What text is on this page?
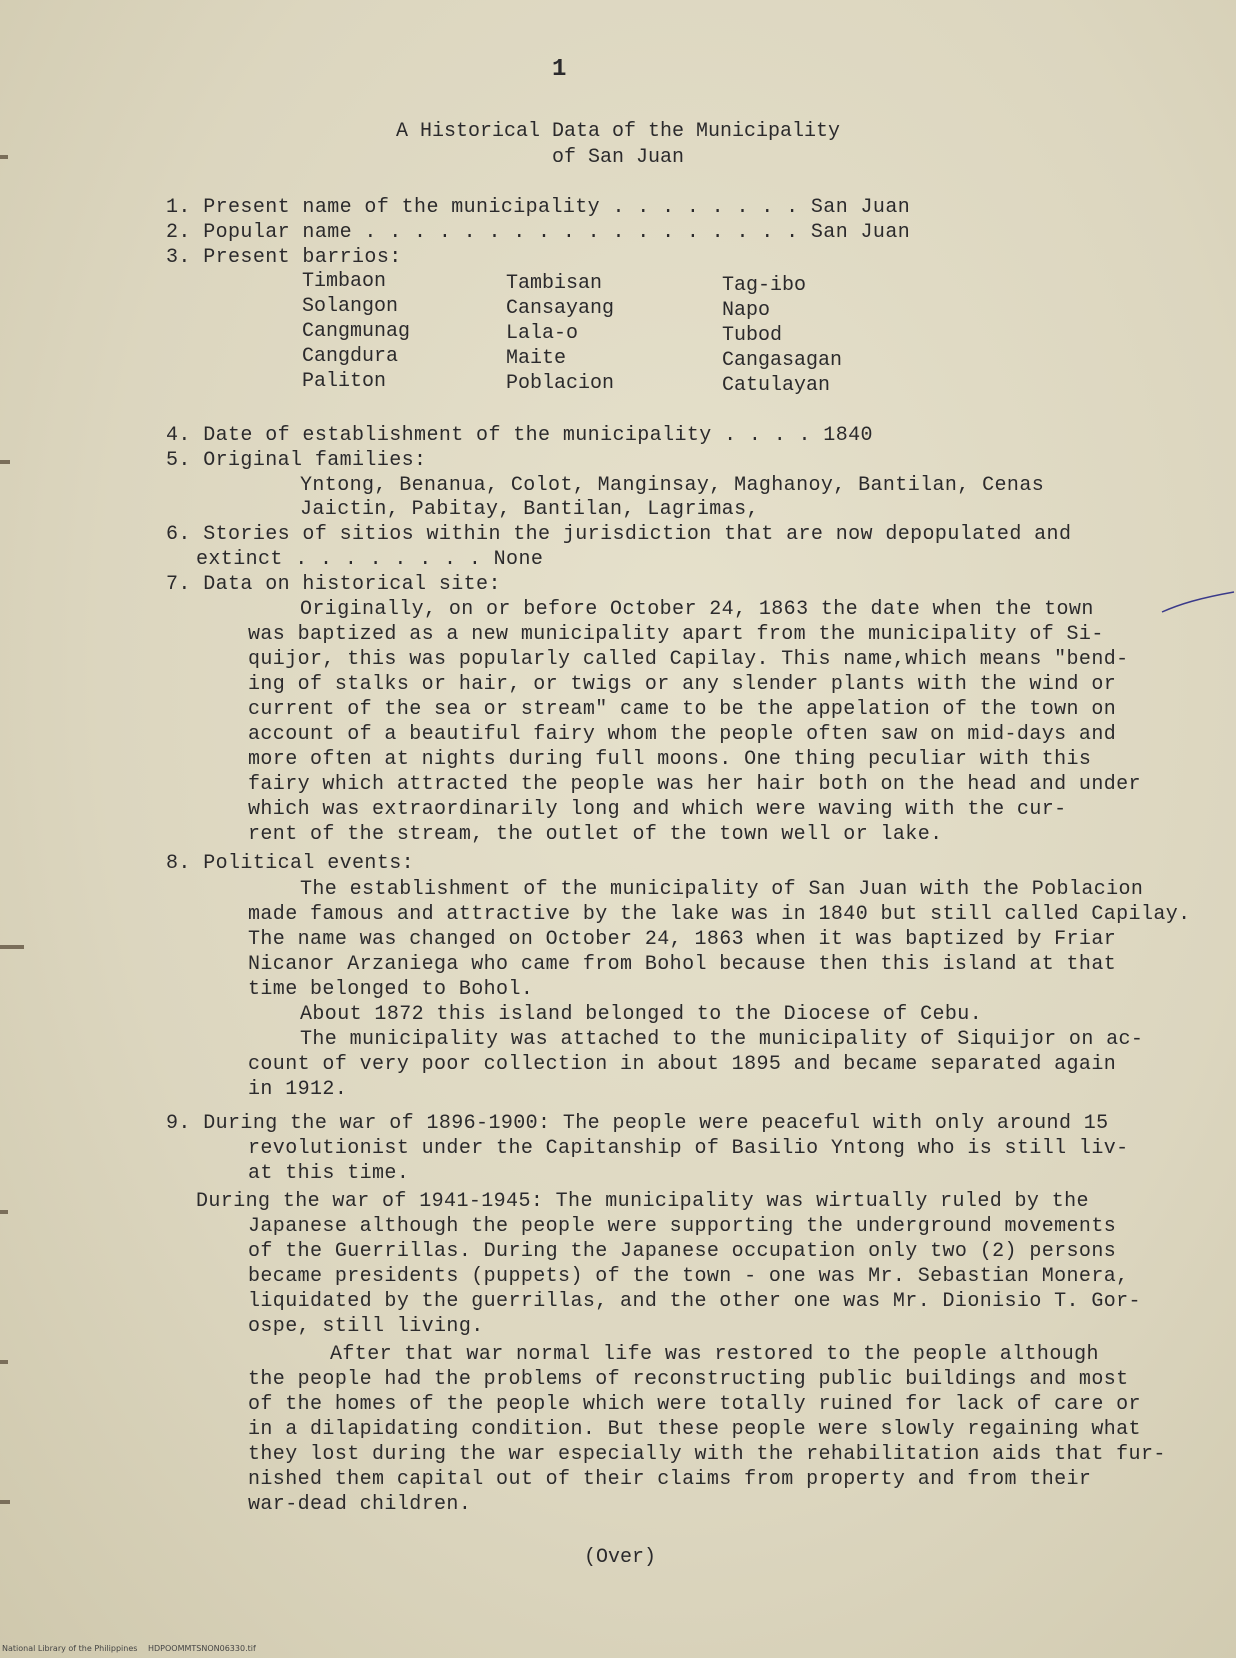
1
A Historical Data of the Municipality
of San Juan
1. Present name of the municipality . . . . . . . . San Juan
2. Popular name . . . . . . . . . . . . . . . . . . San Juan
3. Present barrios:
Timbaon	Tambisan	Tag-ibo
Solangon	Cansayang	Napo
Cangmunag	Lala-o	Tubod
Cangdura	Maite	Cangasagan
Paliton	Poblacion	Catulayan
4. Date of establishment of the municipality . . . . 1840
5. Original families:
Yntong, Benanua, Colot, Manginsay, Maghanoy, Bantilan, Cenas
Jaictin, Pabitay, Bantilan, Lagrimas,
6. Stories of sitios within the jurisdiction that are now depopulated and
extinct . . . . . . . . None
7. Data on historical site:
Originally, on or before October 24, 1863 the date when the town
was baptized as a new municipality apart from the municipality of Si-
quijor, this was popularly called Capilay. This name,which means "bend-
ing of stalks or hair, or twigs or any slender plants with the wind or
current of the sea or stream" came to be the appelation of the town on
account of a beautiful fairy whom the people often saw on mid-days and
more often at nights during full moons. One thing peculiar with this
fairy which attracted the people was her hair both on the head and under
which was extraordinarily long and which were waving with the cur-
rent of the stream, the outlet of the town well or lake.
8. Political events:
The establishment of the municipality of San Juan with the Poblacion
made famous and attractive by the lake was in 1840 but still called Capilay.
The name was changed on October 24, 1863 when it was baptized by Friar
Nicanor Arzaniega who came from Bohol because then this island at that
time belonged to Bohol.
About 1872 this island belonged to the Diocese of Cebu.
The municipality was attached to the municipality of Siquijor on ac-
count of very poor collection in about 1895 and became separated again
in 1912.
9. During the war of 1896-1900: The people were peaceful with only around 15
revolutionist under the Capitanship of Basilio Yntong who is still liv-
at this time.
During the war of 1941-1945: The municipality was wirtually ruled by the
Japanese although the people were supporting the underground movements
of the Guerrillas. During the Japanese occupation only two (2) persons
became presidents (puppets) of the town - one was Mr. Sebastian Monera,
liquidated by the guerrillas, and the other one was Mr. Dionisio T. Gor-
ospe, still living.
After that war normal life was restored to the people although
the people had the problems of reconstructing public buildings and most
of the homes of the people which were totally ruined for lack of care or
in a dilapidating condition. But these people were slowly regaining what
they lost during the war especially with the rehabilitation aids that fur-
nished them capital out of their claims from property and from their
war-dead children.
(Over)
National Library of the Philippines HDPOOMMTSNON06330.tif
